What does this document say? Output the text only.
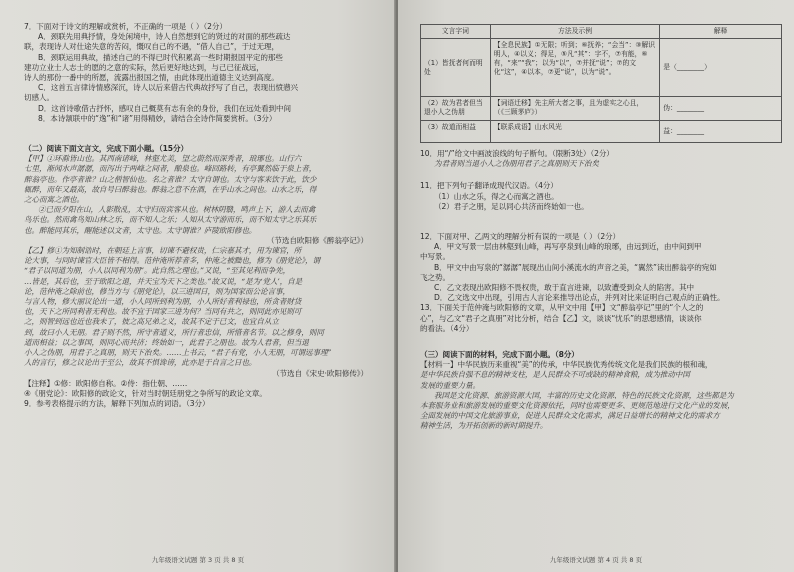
7．下面对于诗文的理解或赏析，不正确的一项是（ ）（2分）
A．颈联先用典抒情，身处闲境中，诗人自然想到它的贤过的对面的那些疏达
联，表现诗人对仕途失意的苦闷，慨叹自己的不遇，“借人自己”，于过无理，
B．颈联运用典故，描述自己的不得已时代积累高一些时期报国平定的那些
建功立业士人志士的愿的之意的实际，然后更好地达到，与己已征战远，
诗人的那份一番中的所愿，流露出报国之情，由此体现出道德主义达到高度。
C．这首五言律诗情感深沉，诗人以后来借古代典故抒写了自己，表现出愤懑兴
切感人。
D．这首诗歌借古抒怀，感叹自己概莫有志有余的身份，我们在远处看到中间
8．本诗颔联中的“逸”和“诸”用得精妙，请结合全诗作简要赏析。（3分）
（二）阅读下面文言文，完成下面小题。（15分）
【甲】①环滁皆山也。其西南诸峰，林壑尤美，望之蔚然而深秀者，琅琊也。山行六
七里，渐闻水声潺潺，而泻出于两峰之间者，酿泉也。峰回路转，有亭翼然临于泉上者，
醉翁亭也。作亭者谁？山之僧智仙也。名之者谁？太守自谓也。太守与客来饮于此，饮少
辄醉，而年又最高，故自号曰醉翁也。醉翁之意不在酒，在乎山水之间也。山水之乐，得
之心而寓之酒也。
②已而夕阳在山，人影散乱，太守归而宾客从也。树林阴翳，鸣声上下，游人去而禽
鸟乐也。然而禽鸟知山林之乐，而不知人之乐；人知从太守游而乐，而不知太守之乐其乐
也。醉能同其乐，醒能述以文者，太守也。太守谓谁？庐陵欧阳修也。
（节选自欧阳修《醉翁亭记》）
【乙】修①为知制诰时，在朝廷上言事，切谏不避权贵，仁宗嘉其才，用为谏官，所
论大事，与同时谏官大臣皆不相得。范仲淹所荐者多，仲淹之被黜也，修为《朋党论》，谓
“君子以同道为朋，小人以同利为朋”。此自然之理也。”又说，“至其见利而争先，
…皆是，其后也，至于欧阳之退，并天宝为天下之类也。”故又说，“是为‘党人’，自是
论，范仲淹之除前也，修当方与《朋党论》，以三进国日，则为国家而公论言事，
与言人物，修大丽议论出一道，小人同所到利为朋，小人所好者利禄也，所贪者财货
也，天下之所同利者无利也。故不宜于国家三进为何？当同有共之，则同此亦见则可
之，则智到远也近也我未了，彼之高兄弟之义，故其不定于已文，也宜自从立
到，故曰小人无朋。君子则不然，所守者道义，所行者忠信，所惜者名节。以之修身，则同
道而相益；以之事国，则同心而共济；终始如一，此君子之朋也。故为人君者，但当退
小人之伪朋，用君子之真朋，则天下治矣。……上书云，“君子有党，小人无朋，可谓远事理”
人的言行，修之议论出于至公，故其不惧谗谤，此亦是于自言之日也。
（节选自《宋史·欧阳修传》）
【注释】①修：欧阳修自称。②侍：指仕朝、……
④《朋党论》：欧阳修的政论文，针对当时朝廷朋党之争所写的政论文章。
9．参考表格提示的方法，解释下列加点的词语。（3分）
九年级语文试题 第 3 页 共 8 页
文言字词	方法及示例	解释
（1）皆抚者何而明处	【全息民族】①无限；听到；⑥抚养；“会当”：③解识明人，④以义；得足，⑤凡“其”：字不，⑦有能，⑥有，“来”“我”；以为“以”，⑦并抚“说”；⑦的文化“这”，④以本，⑦更“说”，以为“说”。	是（________）
（2）故为君者但当退小人之伪朋	【词语迁移】先主所大者之事，且为虚实之心且，（《三顾茅庐》）	伪：________
（3）故道而相益	【联系成语】山水风光	益：________
10．用“/”给文中画波浪线的句子断句。（限断3处）（2分）
为君者则当退小人之伪朋用君子之真朋则天下治矣
11．把下列句子翻译成现代汉语。（4分）
（1）山水之乐，得之心而寓之酒也。
（2）君子之朋，足以同心共济而终始如一也。
12．下面对甲、乙两文的理解分析有误的一项是（ ）（2分）
A．甲文写景一层由林壑到山峰，再写亭泉到山峰的琅琊，由远到近，由中间到甲
中写景。
B．甲文中由写泉的“潺潺”展现出山间小溪流水的声音之美，“翼然”读出醉翁亭的宛如
飞之势。
C．乙文表现出欧阳修不畏权贵，敢于直言进谏，以致遭受到众人的陷害。其中
D．乙文选文中出现，引用古人言论来推导出论点，并列对比来证明自己观点的正确性。
13．下面关于范仲淹与欧阳修的文章，从甲文中用【甲】文“醉翁亭记”里的“个人之的
心”，与乙文“君子之真朋”对比分析，结合【乙】文，谈谈“忧乐”的思想感情，谈谈你
的看法。（4分）
（三）阅读下面的材料，完成下面小题。（8分）
【材料一】中华民族历来重视“美”的传承，中华民族优秀传统文化是我们民族的根和魂，
是中华民族自强不息的精神支柱，是人民群众不可或缺的精神食粮，成为推动中国
发展的重要力量。
我国是文化资源、旅游资源大国，丰富的历史文化资源、特色的民族文化资源，这些都是为
本套服务业和旅游发展的重要文化资源依托，同时也需要更多、更规范地进行文化产业的发展，
全面发展的中国文化旅游事业，促进人民群众文化需求，满足日益增长的精神文化的需求方
精神生活，为开拓创新的新时期提升。
九年级语文试题 第 4 页 共 8 页
